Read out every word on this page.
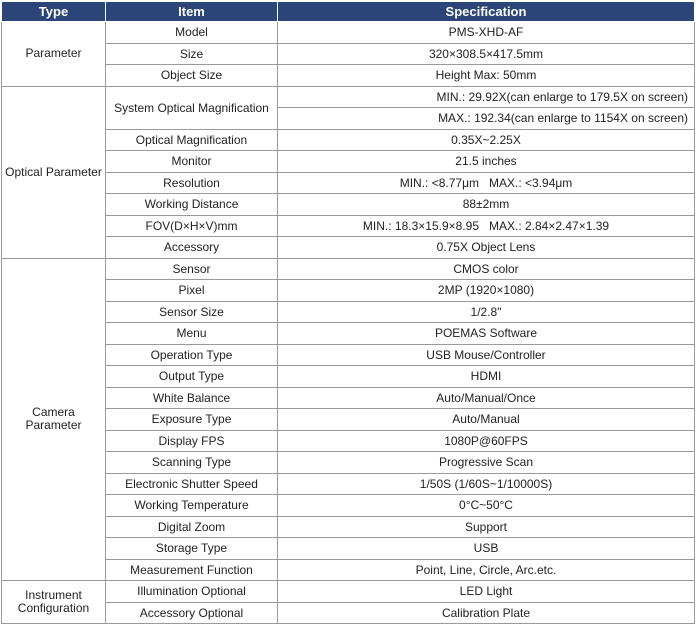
Type	Item	Specification
Parameter	Model	PMS-XHD-AF
	Size	320×308.5×417.5mm
	Object Size	Height Max: 50mm
Optical Parameter	System Optical Magnification	MIN.: 29.92X(can enlarge to 179.5X on screen)
		MAX.: 192.34(can enlarge to 1154X on screen)
	Optical Magnification	0.35X~2.25X
	Monitor	21.5 inches
	Resolution	MIN.: <8.77μm   MAX.: <3.94μm
	Working Distance	88±2mm
	FOV(D×H×V)mm	MIN.: 18.3×15.9×8.95   MAX.: 2.84×2.47×1.39
	Accessory	0.75X Object Lens
Camera Parameter	Sensor	CMOS color
	Pixel	2MP (1920×1080)
	Sensor Size	1/2.8"
	Menu	POEMAS Software
	Operation Type	USB Mouse/Controller
	Output Type	HDMI
	White Balance	Auto/Manual/Once
	Exposure Type	Auto/Manual
	Display FPS	1080P@60FPS
	Scanning Type	Progressive Scan
	Electronic Shutter Speed	1/50S (1/60S~1/10000S)
	Working Temperature	0°C~50°C
	Digital Zoom	Support
	Storage Type	USB
	Measurement Function	Point, Line, Circle, Arc.etc.
Instrument Configuration	Illumination Optional	LED Light
	Accessory Optional	Calibration Plate
